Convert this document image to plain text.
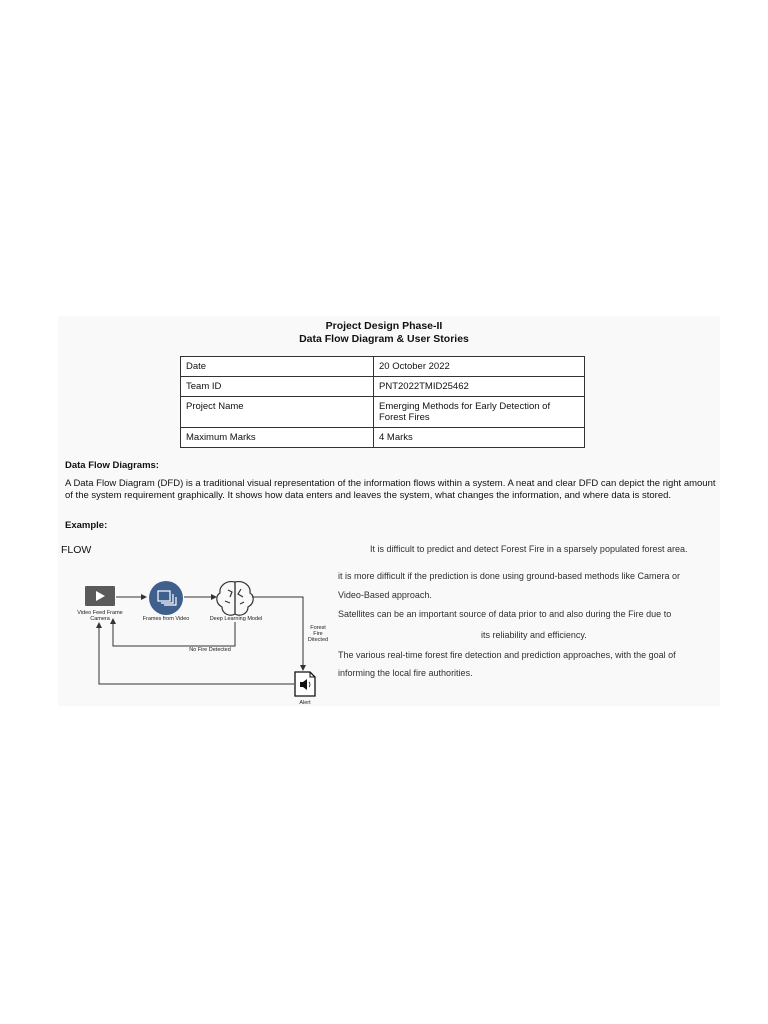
Project Design Phase-II
Data Flow Diagram & User Stories
Date	20 October 2022
Team ID	PNT2022TMID25462
Project Name	Emerging Methods for Early Detection of Forest Fires
Maximum Marks	4 Marks
Data Flow Diagrams:

A Data Flow Diagram (DFD) is a traditional visual representation of the information flows within a system. A neat and clear DFD can depict the right amount of the system requirement graphically. It shows how data enters and leaves the system, what changes the information, and where data is stored.

Example:
FLOW	It is difficult to predict and detect Forest Fire in a sparsely populated forest area.
it is more difficult if the prediction is done using ground-based methods like Camera or
Video-Based approach.
Satellites can be an important source of data prior to and also during the Fire due to
its reliability and efficiency.
The various real-time forest fire detection and prediction approaches, with the goal of
informing the local fire authorities.
Video Feed Frame
Camera	Frames from Video	Deep Learning Model
No Fire Detected
Forest
Fire
Ditected
Alert
